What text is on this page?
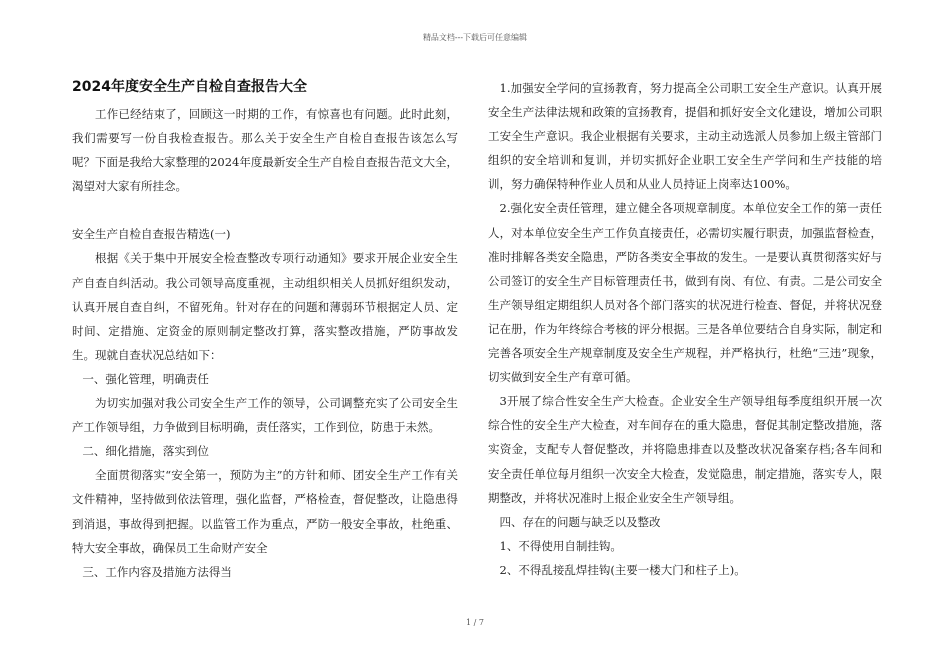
精品文档---下载后可任意编辑
2024年度安全生产自检自查报告大全

工作已经结束了，回顾这一时期的工作，有惊喜也有问题。此时此刻，我们需要写一份自我检查报告。那么关于安全生产自检自查报告该怎么写呢？下面是我给大家整理的2024年度最新安全生产自检自查报告范文大全，渴望对大家有所挂念。

安全生产自检自查报告精选(一)

根据《关于集中开展安全检查整改专项行动通知》要求开展企业安全生产自查自纠活动。我公司领导高度重视，主动组织相关人员抓好组织发动，认真开展自查自纠，不留死角。针对存在的问题和薄弱环节根据定人员、定时间、定措施、定资金的原则制定整改打算，落实整改措施，严防事故发生。现就自查状况总结如下：

一、强化管理，明确责任

为切实加强对我公司安全生产工作的领导，公司调整充实了公司安全生产工作领导组，力争做到目标明确，责任落实，工作到位，防患于未然。

二、细化措施，落实到位

全面贯彻落实“安全第一，预防为主”的方针和师、团安全生产工作有关文件精神，坚持做到依法管理，强化监督，严格检查，督促整改，让隐患得到消退，事故得到把握。以监管工作为重点，严防一般安全事故，杜绝重、特大安全事故，确保员工生命财产安全

三、工作内容及措施方法得当

1.加强安全学问的宣扬教育，努力提高全公司职工安全生产意识。认真开展安全生产法律法规和政策的宣扬教育，提倡和抓好安全文化建设，增加公司职工安全生产意识。我企业根据有关要求，主动主动选派人员参加上级主管部门组织的安全培训和复训，并切实抓好企业职工安全生产学问和生产技能的培训，努力确保特种作业人员和从业人员持证上岗率达100%。

2.强化安全责任管理，建立健全各项规章制度。本单位安全工作的第一责任人，对本单位安全生产工作负直接责任，必需切实履行职责，加强监督检查，准时排解各类安全隐患，严防各类安全事故的发生。一是要认真贯彻落实好与公司签订的安全生产目标管理责任书，做到有岗、有位、有责。二是公司安全生产领导组定期组织人员对各个部门落实的状况进行检查、督促，并将状况登记在册，作为年终综合考核的评分根据。三是各单位要结合自身实际，制定和完善各项安全生产规章制度及安全生产规程，并严格执行，杜绝“三违”现象，切实做到安全生产有章可循。

3开展了综合性安全生产大检查。企业安全生产领导组每季度组织开展一次综合性的安全生产大检查，对车间存在的重大隐患，督促其制定整改措施，落实资金，支配专人督促整改，并将隐患排查以及整改状况备案存档;各车间和安全责任单位每月组织一次安全大检查，发觉隐患，制定措施，落实专人，限期整改，并将状况准时上报企业安全生产领导组。

四、存在的问题与缺乏以及整改

1、不得使用自制挂钩。

2、不得乱接乱焊挂钩(主要一楼大门和柱子上)。

1 / 7
